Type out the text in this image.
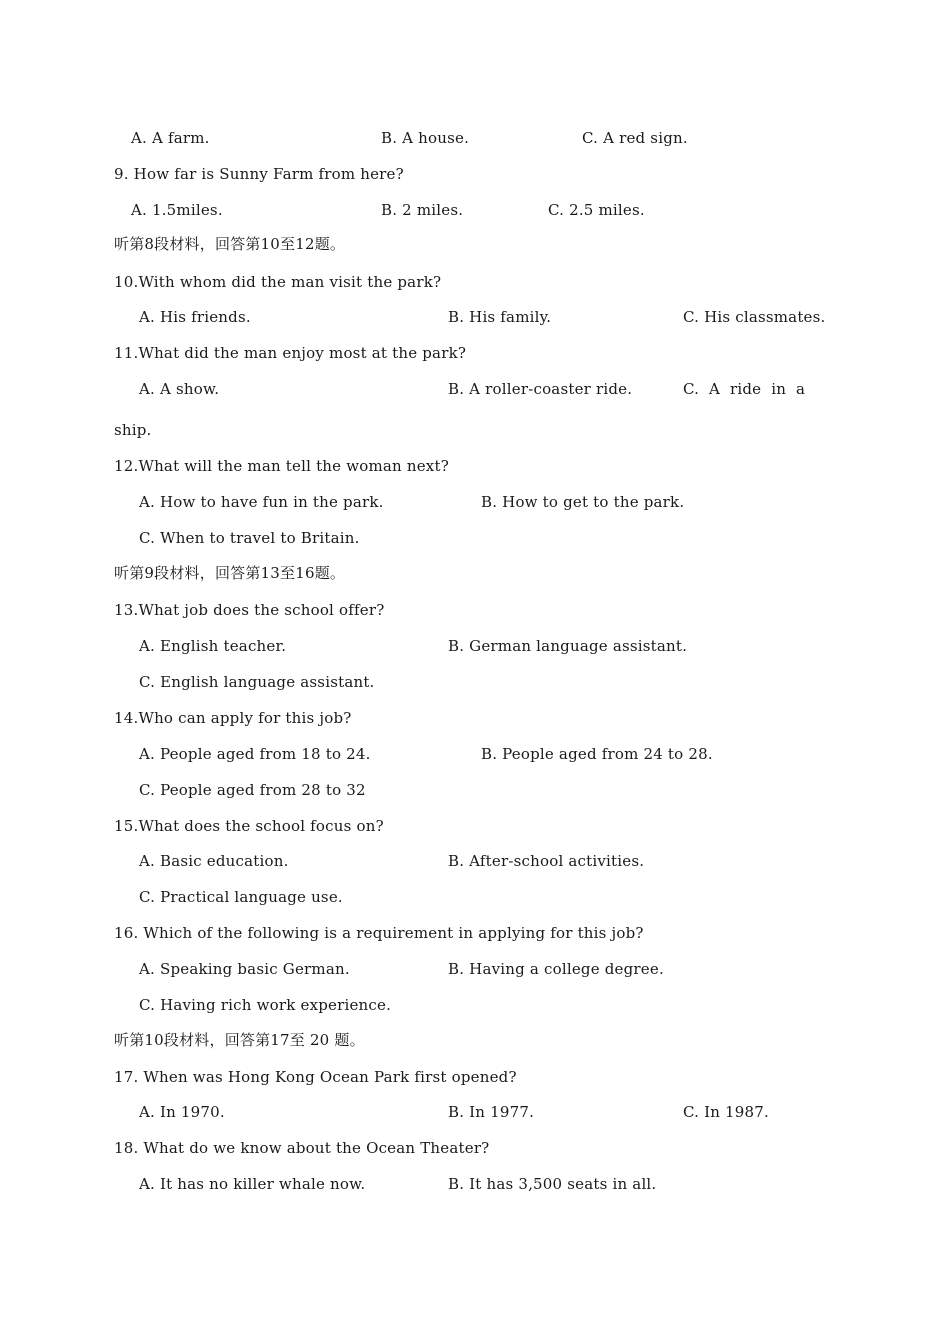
A. A farm.	B. A house.	C. A red sign.
9. How far is Sunny Farm from here?
A. 1.5miles.	B. 2 miles.	C. 2.5 miles.
听第8段材料，回答第10至12题。
10.With whom did the man visit the park?
A. His friends.	B. His family.	C. His classmates.
11.What did the man enjoy most at the park?
A. A show.	B. A roller-coaster ride.	C.  A  ride  in  a
ship.
12.What will the man tell the woman next?
A. How to have fun in the park.	B. How to get to the park.
C. When to travel to Britain.
听第9段材料，回答第13至16题。
13.What job does the school offer?
A. English teacher.	B. German language assistant.
C. English language assistant.
14.Who can apply for this job?
A. People aged from 18 to 24.	B. People aged from 24 to 28.
C. People aged from 28 to 32
15.What does the school focus on?
A. Basic education.	B. After-school activities.
C. Practical language use.
16. Which of the following is a requirement in applying for this job?
A. Speaking basic German.	B. Having a college degree.
C. Having rich work experience.
听第10段材料，回答第17至 20 题。
17. When was Hong Kong Ocean Park first opened?
A. In 1970.	B. In 1977.	C. In 1987.
18. What do we know about the Ocean Theater?
A. It has no killer whale now.	B. It has 3,500 seats in all.
